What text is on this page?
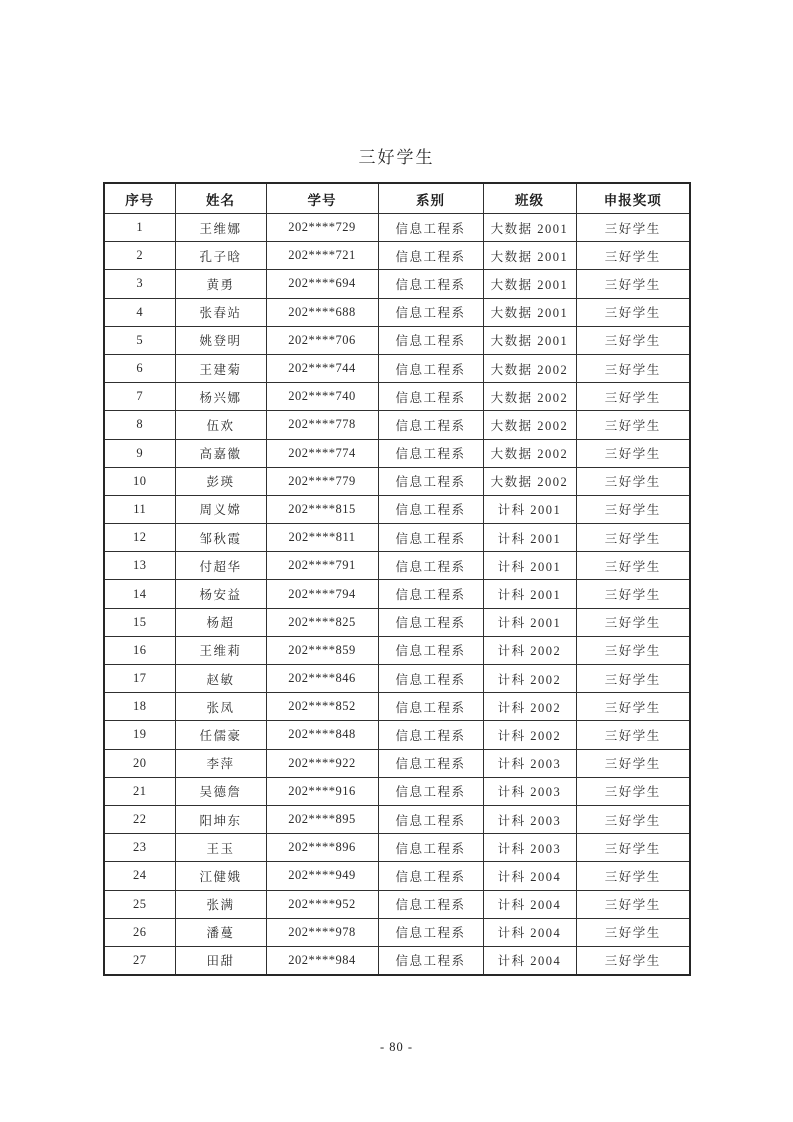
三好学生
序号	姓名	学号	系别	班级	申报奖项
1	王维娜	202****729	信息工程系	大数据 2001	三好学生
2	孔子晗	202****721	信息工程系	大数据 2001	三好学生
3	黄勇	202****694	信息工程系	大数据 2001	三好学生
4	张春站	202****688	信息工程系	大数据 2001	三好学生
5	姚登明	202****706	信息工程系	大数据 2001	三好学生
6	王建菊	202****744	信息工程系	大数据 2002	三好学生
7	杨兴娜	202****740	信息工程系	大数据 2002	三好学生
8	伍欢	202****778	信息工程系	大数据 2002	三好学生
9	高嘉徽	202****774	信息工程系	大数据 2002	三好学生
10	彭瑛	202****779	信息工程系	大数据 2002	三好学生
11	周义嫦	202****815	信息工程系	计科 2001	三好学生
12	邹秋霞	202****811	信息工程系	计科 2001	三好学生
13	付超华	202****791	信息工程系	计科 2001	三好学生
14	杨安益	202****794	信息工程系	计科 2001	三好学生
15	杨超	202****825	信息工程系	计科 2001	三好学生
16	王维莉	202****859	信息工程系	计科 2002	三好学生
17	赵敏	202****846	信息工程系	计科 2002	三好学生
18	张凤	202****852	信息工程系	计科 2002	三好学生
19	任儒豪	202****848	信息工程系	计科 2002	三好学生
20	李萍	202****922	信息工程系	计科 2003	三好学生
21	吴德詹	202****916	信息工程系	计科 2003	三好学生
22	阳坤东	202****895	信息工程系	计科 2003	三好学生
23	王玉	202****896	信息工程系	计科 2003	三好学生
24	江健娥	202****949	信息工程系	计科 2004	三好学生
25	张满	202****952	信息工程系	计科 2004	三好学生
26	潘蔓	202****978	信息工程系	计科 2004	三好学生
27	田甜	202****984	信息工程系	计科 2004	三好学生
- 80 -
